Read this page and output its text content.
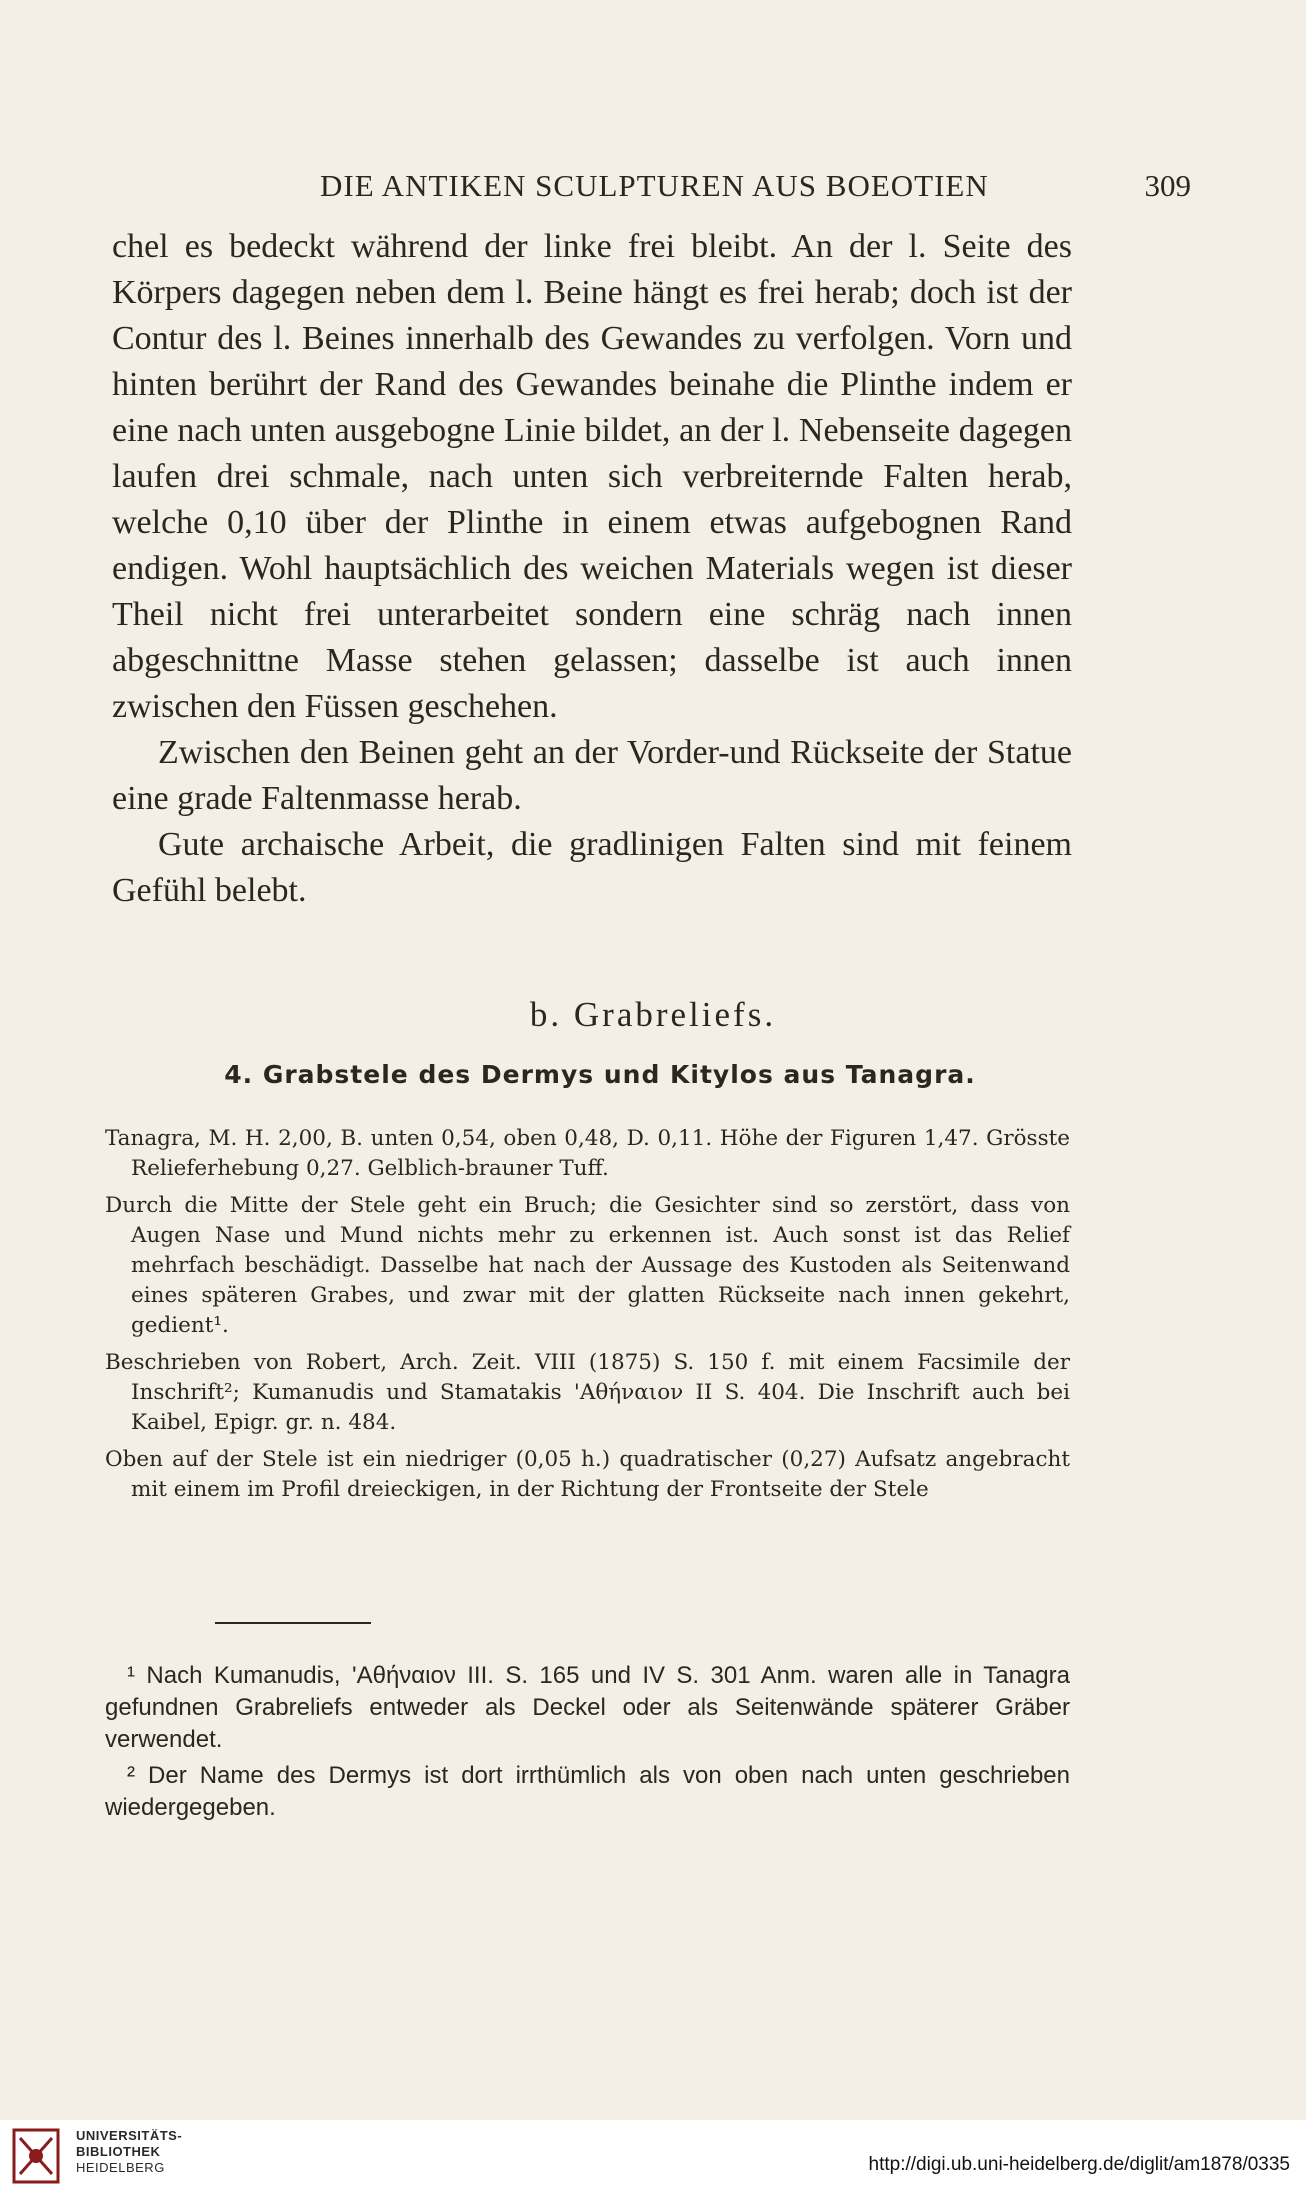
DIE ANTIKEN SCULPTUREN AUS BOEOTIEN	309

chel es bedeckt während der linke frei bleibt. An der l. Seite des Körpers dagegen neben dem l. Beine hängt es frei herab; doch ist der Contur des l. Beines innerhalb des Gewandes zu verfolgen. Vorn und hinten berührt der Rand des Gewandes beinahe die Plinthe indem er eine nach unten ausgebogne Linie bildet, an der l. Nebenseite dagegen laufen drei schmale, nach unten sich verbreiternde Falten herab, welche 0,10 über der Plinthe in einem etwas aufgebognen Rand endigen. Wohl hauptsächlich des weichen Materials wegen ist dieser Theil nicht frei unterarbeitet sondern eine schräg nach innen abgeschnittne Masse stehen gelassen; dasselbe ist auch innen zwischen den Füssen geschehen.

Zwischen den Beinen geht an der Vorder-und Rückseite der Statue eine grade Faltenmasse herab.

Gute archaische Arbeit, die gradlinigen Falten sind mit feinem Gefühl belebt.

b. Grabreliefs.
4. Grabstele des Dermys und Kitylos aus Tanagra.

Tanagra, M. H. 2,00, B. unten 0,54, oben 0,48, D. 0,11. Höhe der Figuren 1,47. Grösste Relieferhebung 0,27. Gelblich-brauner Tuff.

Durch die Mitte der Stele geht ein Bruch; die Gesichter sind so zerstört, dass von Augen Nase und Mund nichts mehr zu erkennen ist. Auch sonst ist das Relief mehrfach beschädigt. Dasselbe hat nach der Aussage des Kustoden als Seitenwand eines späteren Grabes, und zwar mit der glatten Rückseite nach innen gekehrt, gedient¹.

Beschrieben von Robert, Arch. Zeit. VIII (1875) S. 150 f. mit einem Facsimile der Inschrift²; Kumanudis und Stamatakis 'Αθήναιον II S. 404. Die Inschrift auch bei Kaibel, Epigr. gr. n. 484.

Oben auf der Stele ist ein niedriger (0,05 h.) quadratischer (0,27) Aufsatz angebracht mit einem im Profil dreieckigen, in der Richtung der Frontseite der Stele

¹ Nach Kumanudis, 'Αθήναιον III. S. 165 und IV S. 301 Anm. waren alle in Tanagra gefundnen Grabreliefs entweder als Deckel oder als Seitenwände späterer Gräber verwendet.

² Der Name des Dermys ist dort irrthümlich als von oben nach unten geschrieben wiedergegeben.

UNIVERSITÄTS-
BIBLIOTHEK
HEIDELBERG	http://digi.ub.uni-heidelberg.de/diglit/am1878/0335
